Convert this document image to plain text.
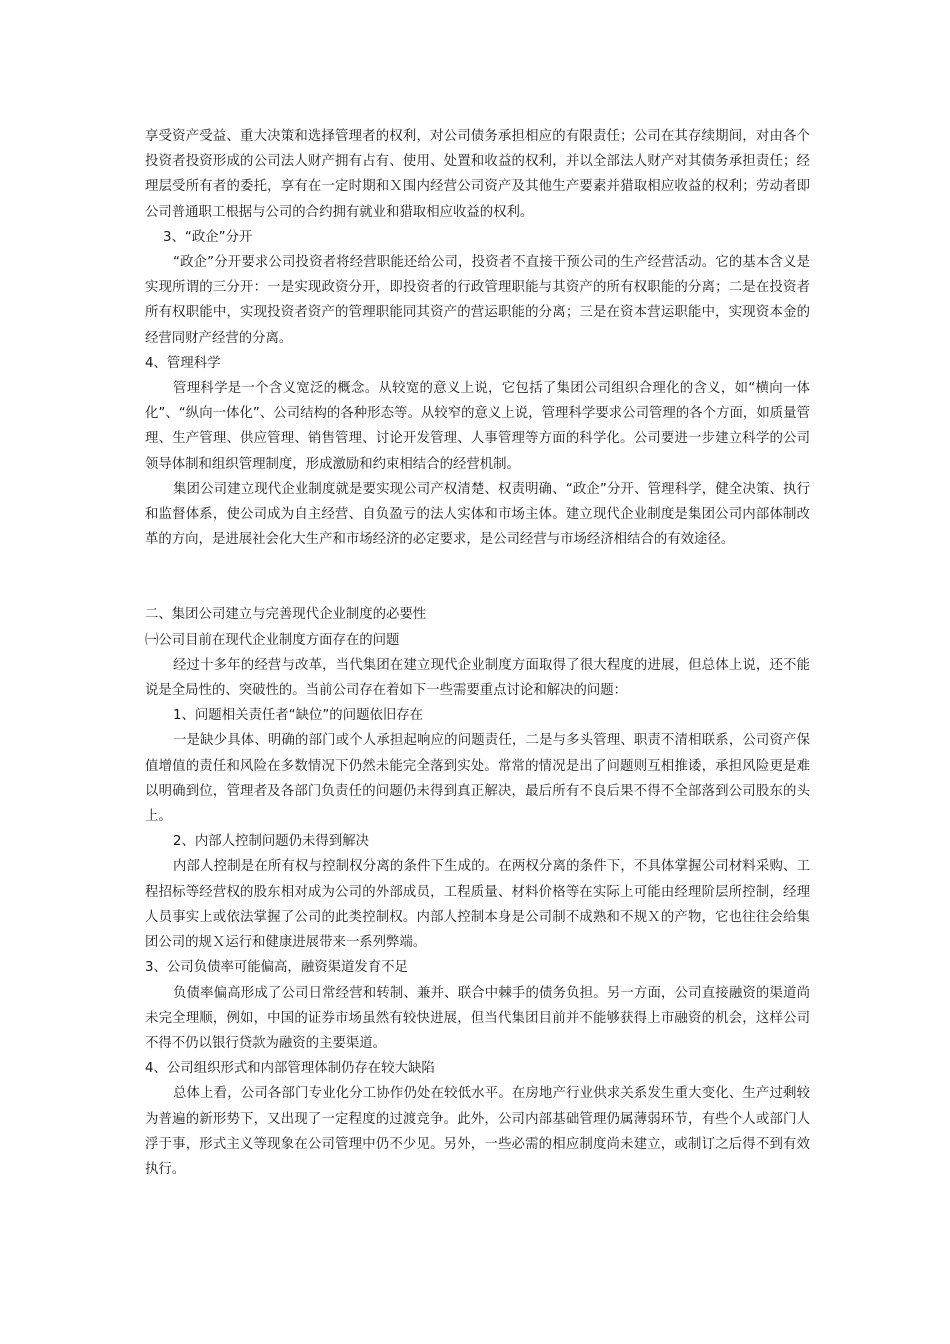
享受资产受益、重大决策和选择管理者的权利，对公司债务承担相应的有限责任；公司在其存续期间，对由各个投资者投资形成的公司法人财产拥有占有、使用、处置和收益的权利，并以全部法人财产对其债务承担责任；经理层受所有者的委托，享有在一定时期和Ｘ围内经营公司资产及其他生产要素并猎取相应收益的权利；劳动者即公司普通职工根据与公司的合约拥有就业和猎取相应收益的权利。

3、“政企”分开

“政企”分开要求公司投资者将经营职能还给公司，投资者不直接干预公司的生产经营活动。它的基本含义是实现所谓的三分开：一是实现政资分开，即投资者的行政管理职能与其资产的所有权职能的分离；二是在投资者所有权职能中，实现投资者资产的管理职能同其资产的营运职能的分离；三是在资本营运职能中，实现资本金的经营同财产经营的分离。

4、管理科学

管理科学是一个含义宽泛的概念。从较宽的意义上说，它包括了集团公司组织合理化的含义，如“横向一体化”、“纵向一体化”、公司结构的各种形态等。从较窄的意义上说，管理科学要求公司管理的各个方面，如质量管理、生产管理、供应管理、销售管理、讨论开发管理、人事管理等方面的科学化。公司要进一步建立科学的公司领导体制和组织管理制度，形成激励和约束相结合的经营机制。

集团公司建立现代企业制度就是要实现公司产权清楚、权责明确、“政企”分开、管理科学，健全决策、执行和监督体系，使公司成为自主经营、自负盈亏的法人实体和市场主体。建立现代企业制度是集团公司内部体制改革的方向，是进展社会化大生产和市场经济的必定要求，是公司经营与市场经济相结合的有效途径。

二、集团公司建立与完善现代企业制度的必要性

㈠公司目前在现代企业制度方面存在的问题

经过十多年的经营与改革，当代集团在建立现代企业制度方面取得了很大程度的进展，但总体上说，还不能说是全局性的、突破性的。当前公司存在着如下一些需要重点讨论和解决的问题：

1、问题相关责任者“缺位”的问题依旧存在

一是缺少具体、明确的部门或个人承担起响应的问题责任，二是与多头管理、职责不清相联系，公司资产保值增值的责任和风险在多数情况下仍然未能完全落到实处。常常的情况是出了问题则互相推诿，承担风险更是难以明确到位，管理者及各部门负责任的问题仍未得到真正解决，最后所有不良后果不得不全部落到公司股东的头上。

2、内部人控制问题仍未得到解决

内部人控制是在所有权与控制权分离的条件下生成的。在两权分离的条件下，不具体掌握公司材料采购、工程招标等经营权的股东相对成为公司的外部成员，工程质量、材料价格等在实际上可能由经理阶层所控制，经理人员事实上或依法掌握了公司的此类控制权。内部人控制本身是公司制不成熟和不规Ｘ的产物，它也往往会给集团公司的规Ｘ运行和健康进展带来一系列弊端。

3、公司负债率可能偏高，融资渠道发育不足

负债率偏高形成了公司日常经营和转制、兼并、联合中棘手的债务负担。另一方面，公司直接融资的渠道尚未完全理顺，例如，中国的证券市场虽然有较快进展，但当代集团目前并不能够获得上市融资的机会，这样公司不得不仍以银行贷款为融资的主要渠道。

4、公司组织形式和内部管理体制仍存在较大缺陷

总体上看，公司各部门专业化分工协作仍处在较低水平。在房地产行业供求关系发生重大变化、生产过剩较为普遍的新形势下，又出现了一定程度的过渡竞争。此外，公司内部基础管理仍属薄弱环节，有些个人或部门人浮于事，形式主义等现象在公司管理中仍不少见。另外，一些必需的相应制度尚未建立，或制订之后得不到有效执行。
